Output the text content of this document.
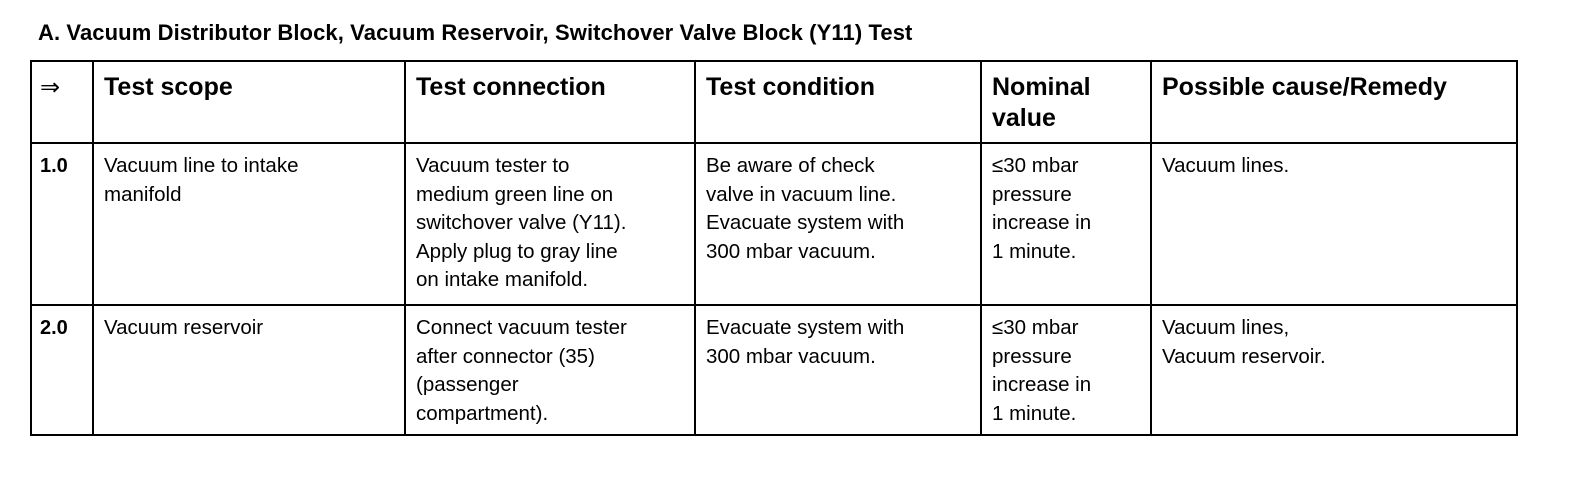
A. Vacuum Distributor Block, Vacuum Reservoir, Switchover Valve Block (Y11) Test
⇒	Test scope	Test connection	Test condition	Nominal
value	Possible cause/Remedy
1.0	Vacuum line to intake
manifold	Vacuum tester to
medium green line on
switchover valve (Y11).
Apply plug to gray line
on intake manifold.	Be aware of check
valve in vacuum line.
Evacuate system with
300 mbar vacuum.	≤30 mbar
pressure
increase in
1 minute.	Vacuum lines.

2.0	Vacuum reservoir	Connect vacuum tester
after connector (35)
(passenger
compartment).	Evacuate system with
300 mbar vacuum.	≤30 mbar
pressure
increase in
1 minute.	Vacuum lines,
Vacuum reservoir.
